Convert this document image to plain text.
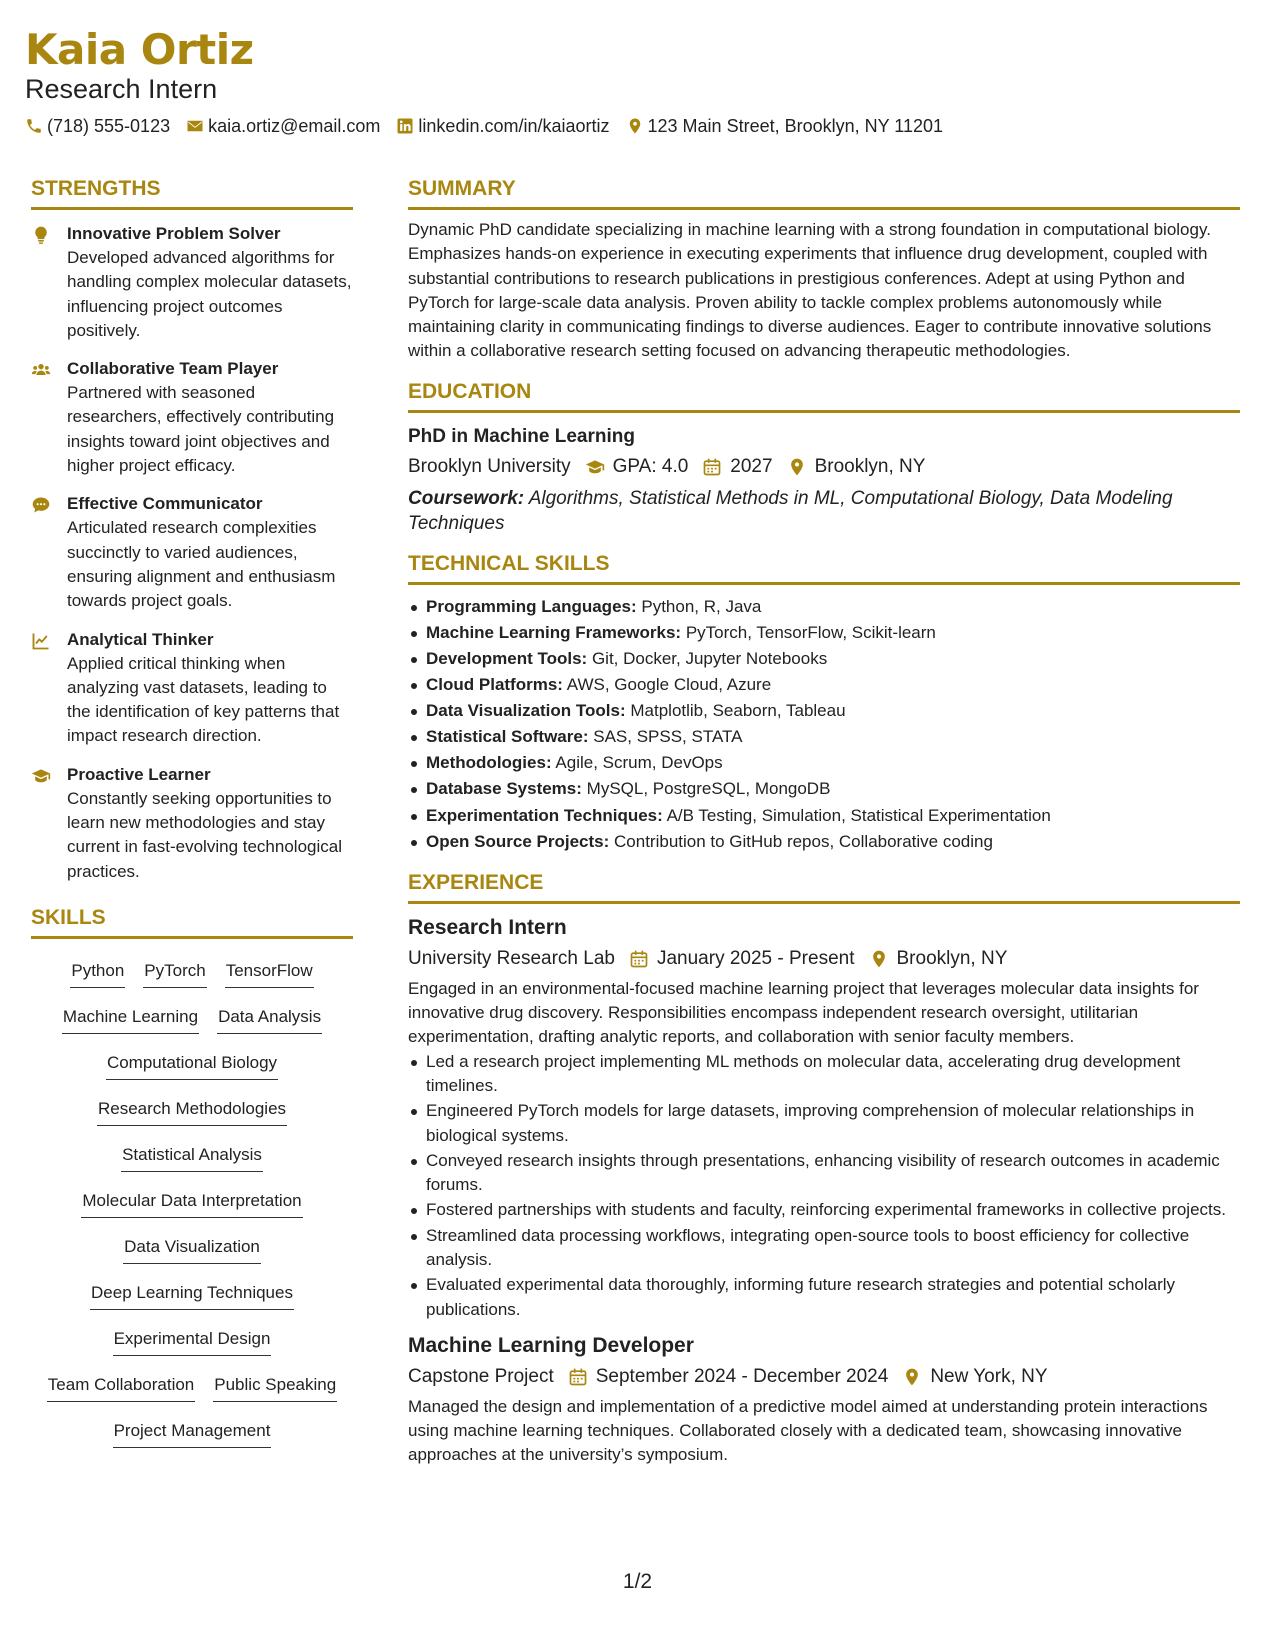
Kaia Ortiz
Research Intern
(718) 555-0123 kaia.ortiz@email.com linkedin.com/in/kaiaortiz 123 Main Street, Brooklyn, NY 11201
STRENGTHS
Innovative Problem Solver
Developed advanced algorithms for handling complex molecular datasets, influencing project outcomes positively.
Collaborative Team Player
Partnered with seasoned researchers, effectively contributing insights toward joint objectives and higher project efficacy.
Effective Communicator
Articulated research complexities succinctly to varied audiences, ensuring alignment and enthusiasm towards project goals.
Analytical Thinker
Applied critical thinking when analyzing vast datasets, leading to the identification of key patterns that impact research direction.
Proactive Learner
Constantly seeking opportunities to learn new methodologies and stay current in fast-evolving technological practices.
SKILLS
Python PyTorch TensorFlow
Machine Learning Data Analysis
Computational Biology
Research Methodologies
Statistical Analysis
Molecular Data Interpretation
Data Visualization
Deep Learning Techniques
Experimental Design
Team Collaboration Public Speaking
Project Management
SUMMARY
Dynamic PhD candidate specializing in machine learning with a strong foundation in computational biology. Emphasizes hands-on experience in executing experiments that influence drug development, coupled with substantial contributions to research publications in prestigious conferences. Adept at using Python and PyTorch for large-scale data analysis. Proven ability to tackle complex problems autonomously while maintaining clarity in communicating findings to diverse audiences. Eager to contribute innovative solutions within a collaborative research setting focused on advancing therapeutic methodologies.
EDUCATION
PhD in Machine Learning
Brooklyn University GPA: 4.0 2027 Brooklyn, NY
Coursework: Algorithms, Statistical Methods in ML, Computational Biology, Data Modeling Techniques
TECHNICAL SKILLS
Programming Languages: Python, R, Java
Machine Learning Frameworks: PyTorch, TensorFlow, Scikit-learn
Development Tools: Git, Docker, Jupyter Notebooks
Cloud Platforms: AWS, Google Cloud, Azure
Data Visualization Tools: Matplotlib, Seaborn, Tableau
Statistical Software: SAS, SPSS, STATA
Methodologies: Agile, Scrum, DevOps
Database Systems: MySQL, PostgreSQL, MongoDB
Experimentation Techniques: A/B Testing, Simulation, Statistical Experimentation
Open Source Projects: Contribution to GitHub repos, Collaborative coding
EXPERIENCE
Research Intern
University Research Lab January 2025 - Present Brooklyn, NY
Engaged in an environmental-focused machine learning project that leverages molecular data insights for innovative drug discovery. Responsibilities encompass independent research oversight, utilitarian experimentation, drafting analytic reports, and collaboration with senior faculty members.
Led a research project implementing ML methods on molecular data, accelerating drug development timelines.
Engineered PyTorch models for large datasets, improving comprehension of molecular relationships in biological systems.
Conveyed research insights through presentations, enhancing visibility of research outcomes in academic forums.
Fostered partnerships with students and faculty, reinforcing experimental frameworks in collective projects.
Streamlined data processing workflows, integrating open-source tools to boost efficiency for collective analysis.
Evaluated experimental data thoroughly, informing future research strategies and potential scholarly publications.
Machine Learning Developer
Capstone Project September 2024 - December 2024 New York, NY
Managed the design and implementation of a predictive model aimed at understanding protein interactions using machine learning techniques. Collaborated closely with a dedicated team, showcasing innovative approaches at the university’s symposium.
1/2
